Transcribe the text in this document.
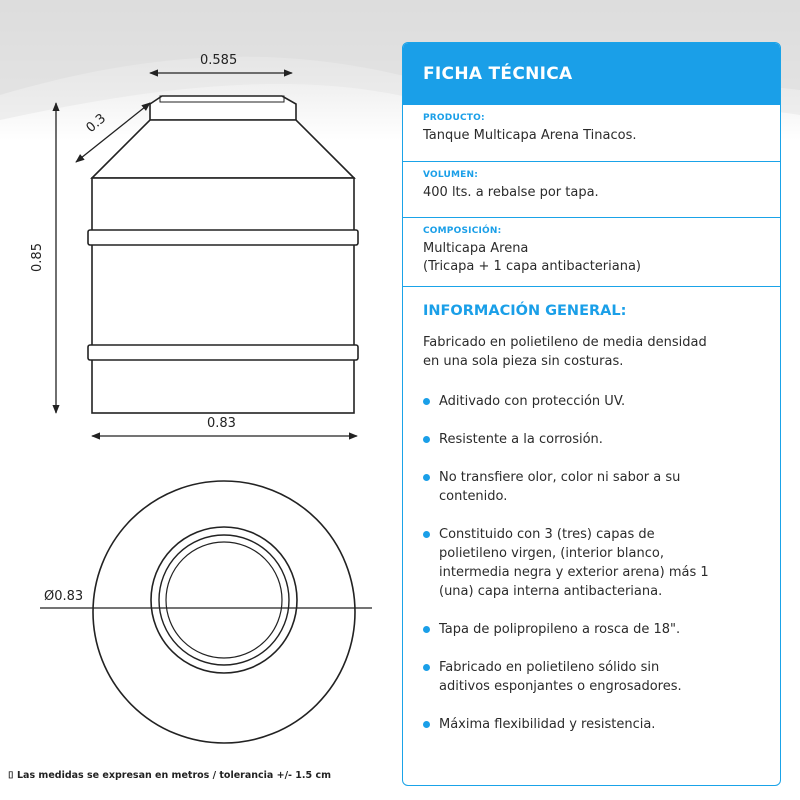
0.585
0.3
0.85
0.83
Ø0.83
⌷ Las medidas se expresan en metros / tolerancia +/- 1.5 cm
FICHA TÉCNICA
PRODUCTO:
Tanque Multicapa Arena Tinacos.
VOLUMEN:
400 lts. a rebalse por tapa.
COMPOSICIÓN:
Multicapa Arena
(Tricapa + 1 capa antibacteriana)
INFORMACIÓN GENERAL:
Fabricado en polietileno de media densidad
en una sola pieza sin costuras.
Aditivado con protección UV.
Resistente a la corrosión.
No transfiere olor, color ni sabor a su
contenido.
Constituido con 3 (tres) capas de
polietileno virgen, (interior blanco,
intermedia negra y exterior arena) más 1
(una) capa interna antibacteriana.
Tapa de polipropileno a rosca de 18".
Fabricado en polietileno sólido sin
aditivos esponjantes o engrosadores.
Máxima flexibilidad y resistencia.
